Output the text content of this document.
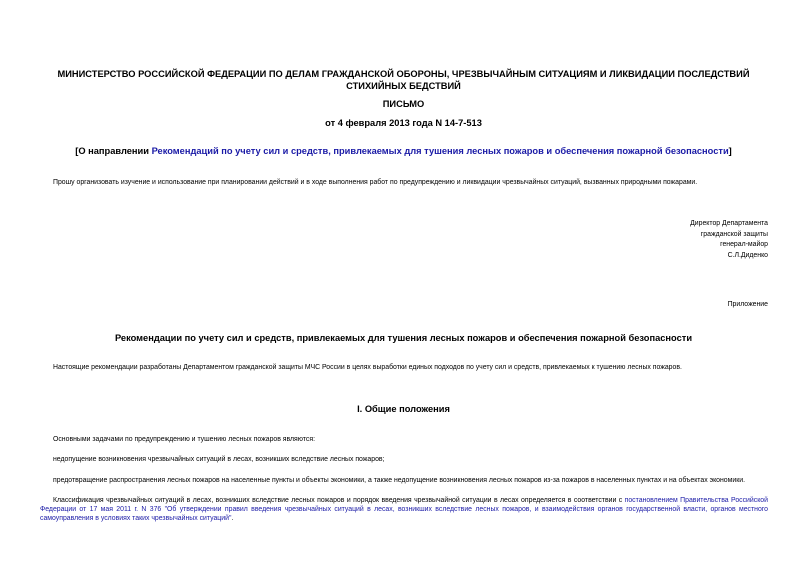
МИНИСТЕРСТВО РОССИЙСКОЙ ФЕДЕРАЦИИ ПО ДЕЛАМ ГРАЖДАНСКОЙ ОБОРОНЫ, ЧРЕЗВЫЧАЙНЫМ СИТУАЦИЯМ И ЛИКВИДАЦИИ ПОСЛЕДСТВИЙ СТИХИЙНЫХ БЕДСТВИЙ
ПИСЬМО
от 4 февраля 2013 года N 14-7-513
[О направлении Рекомендаций по учету сил и средств, привлекаемых для тушения лесных пожаров и обеспечения пожарной безопасности]
Прошу организовать изучение и использование при планировании действий и в ходе выполнения работ по предупреждению и ликвидации чрезвычайных ситуаций, вызванных природными пожарами.
Директор Департамента
гражданской защиты
генерал-майор
С.Л.Диденко
Приложение
Рекомендации по учету сил и средств, привлекаемых для тушения лесных пожаров и обеспечения пожарной безопасности
Настоящие рекомендации разработаны Департаментом гражданской защиты МЧС России в целях выработки единых подходов по учету сил и средств, привлекаемых к тушению лесных пожаров.
I. Общие положения
Основными задачами по предупреждению и тушению лесных пожаров являются:
недопущение возникновения чрезвычайных ситуаций в лесах, возникших вследствие лесных пожаров;
предотвращение распространения лесных пожаров на населенные пункты и объекты экономики, а также недопущение возникновения лесных пожаров из-за пожаров в населенных пунктах и на объектах экономики.
Классификация чрезвычайных ситуаций в лесах, возникших вследствие лесных пожаров и порядок введения чрезвычайной ситуации в лесах определяется в соответствии с постановлением Правительства Российской Федерации от 17 мая 2011 г. N 376 "Об утверждении правил введения чрезвычайных ситуаций в лесах, возникших вследствие лесных пожаров, и взаимодействия органов государственной власти, органов местного самоуправления в условиях таких чрезвычайных ситуаций".
